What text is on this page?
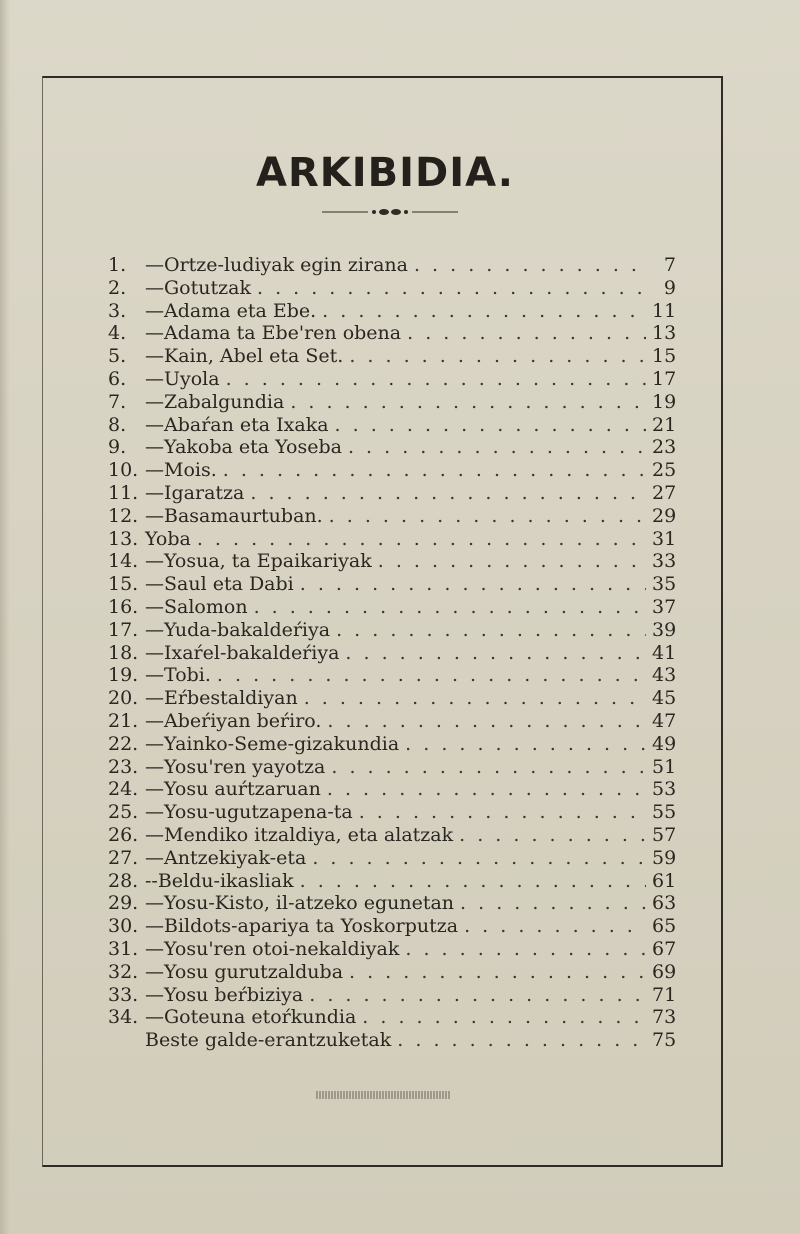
ARKIBIDIA.
1. —Ortze-ludiyak egin zirana . . .	7
2. —Gotutzak . . .	9
3. —Adama eta Ebe. . . .	11
4. —Adama ta Ebe'ren obena . . .	13
5. —Kain, Abel eta Set. . . .	15
6. —Uyola . . .	17
7. —Zabalgundia . . .	19
8. —Abaŕan eta Ixaka . . .	21
9. —Yakoba eta Yoseba . . .	23
10. —Mois. . . .	25
11. —Igaratza . . .	27
12. —Basamaurtuban. . . .	29
13. Yoba . . .	31
14. —Yosua, ta Epaikariyak . . .	33
15. —Saul eta Dabi . . .	35
16. —Salomon . . .	37
17. —Yuda-bakaldeŕiya . . .	39
18. —Ixaŕel-bakaldeŕiya . . .	41
19. —Tobi. . . .	43
20. —Eŕbestaldiyan . . .	45
21. —Abeŕiyan beŕiro. . . .	47
22. —Yainko-Seme-gizakundia . . .	49
23. —Yosu'ren yayotza . . .	51
24. —Yosu auŕtzaruan . . .	53
25. —Yosu-ugutzapena-ta . . .	55
26. —Mendiko itzaldiya, eta alatzak . . .	57
27. —Antzekiyak-eta . . .	59
28. --Beldu-ikasliak . . .	61
29. —Yosu-Kisto, il-atzeko egunetan . . .	63
30. —Bildots-apariya ta Yoskorputza . . .	65
31. —Yosu'ren otoi-nekaldiyak . . .	67
32. —Yosu gurutzalduba . . .	69
33. —Yosu beŕbiziya . . .	71
34. —Goteuna etoŕkundia . . .	73
Beste galde-erantzuketak . . .	75
